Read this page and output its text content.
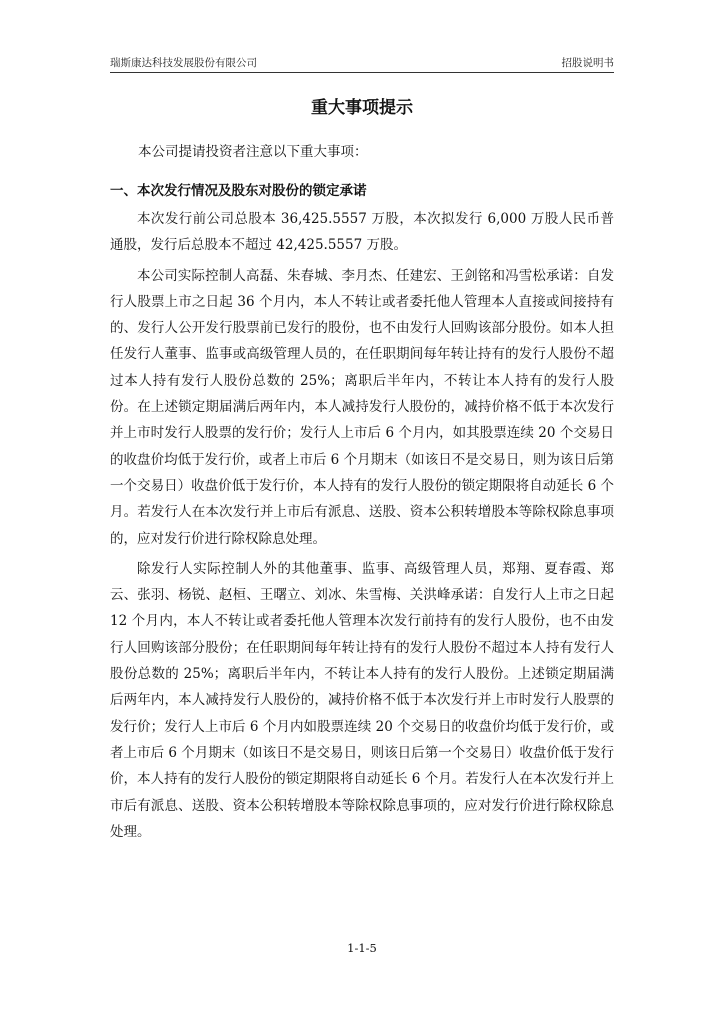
瑞斯康达科技发展股份有限公司	招股说明书
重大事项提示
本公司提请投资者注意以下重大事项：
一、本次发行情况及股东对股份的锁定承诺

本次发行前公司总股本 36,425.5557 万股，本次拟发行 6,000 万股人民币普通股，发行后总股本不超过 42,425.5557 万股。

本公司实际控制人高磊、朱春城、李月杰、任建宏、王剑铭和冯雪松承诺：自发行人股票上市之日起 36 个月内，本人不转让或者委托他人管理本人直接或间接持有的、发行人公开发行股票前已发行的股份，也不由发行人回购该部分股份。如本人担任发行人董事、监事或高级管理人员的，在任职期间每年转让持有的发行人股份不超过本人持有发行人股份总数的 25%；离职后半年内，不转让本人持有的发行人股份。在上述锁定期届满后两年内，本人减持发行人股份的，减持价格不低于本次发行并上市时发行人股票的发行价；发行人上市后 6 个月内，如其股票连续 20 个交易日的收盘价均低于发行价，或者上市后 6 个月期末（如该日不是交易日，则为该日后第一个交易日）收盘价低于发行价，本人持有的发行人股份的锁定期限将自动延长 6 个月。若发行人在本次发行并上市后有派息、送股、资本公积转增股本等除权除息事项的，应对发行价进行除权除息处理。

除发行人实际控制人外的其他董事、监事、高级管理人员，郑翔、夏春霞、郑云、张羽、杨锐、赵桓、王曙立、刘冰、朱雪梅、关洪峰承诺：自发行人上市之日起 12 个月内，本人不转让或者委托他人管理本次发行前持有的发行人股份，也不由发行人回购该部分股份；在任职期间每年转让持有的发行人股份不超过本人持有发行人股份总数的 25%；离职后半年内，不转让本人持有的发行人股份。上述锁定期届满后两年内，本人减持发行人股份的，减持价格不低于本次发行并上市时发行人股票的发行价；发行人上市后 6 个月内如股票连续 20 个交易日的收盘价均低于发行价，或者上市后 6 个月期末（如该日不是交易日，则该日后第一个交易日）收盘价低于发行价，本人持有的发行人股份的锁定期限将自动延长 6 个月。若发行人在本次发行并上市后有派息、送股、资本公积转增股本等除权除息事项的，应对发行价进行除权除息处理。

1-1-5
